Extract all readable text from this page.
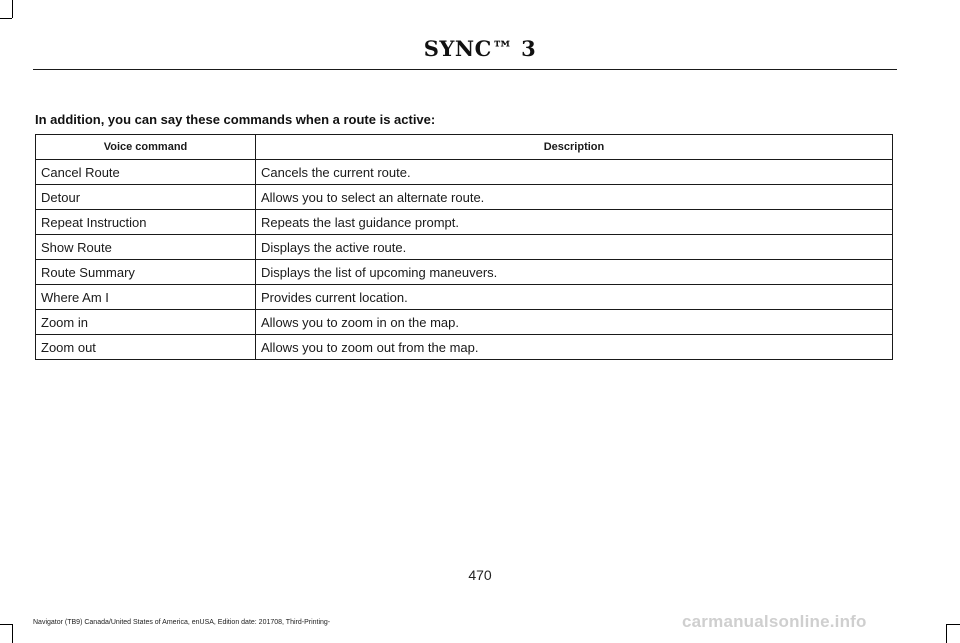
SYNC™ 3
In addition, you can say these commands when a route is active:
Voice command	Description
Cancel Route	Cancels the current route.
Detour	Allows you to select an alternate route.
Repeat Instruction	Repeats the last guidance prompt.
Show Route	Displays the active route.
Route Summary	Displays the list of upcoming maneuvers.
Where Am I	Provides current location.
Zoom in	Allows you to zoom in on the map.
Zoom out	Allows you to zoom out from the map.
470
Navigator (TB9) Canada/United States of America, enUSA, Edition date: 201708, Third-Printing-	carmanualsonline.info
